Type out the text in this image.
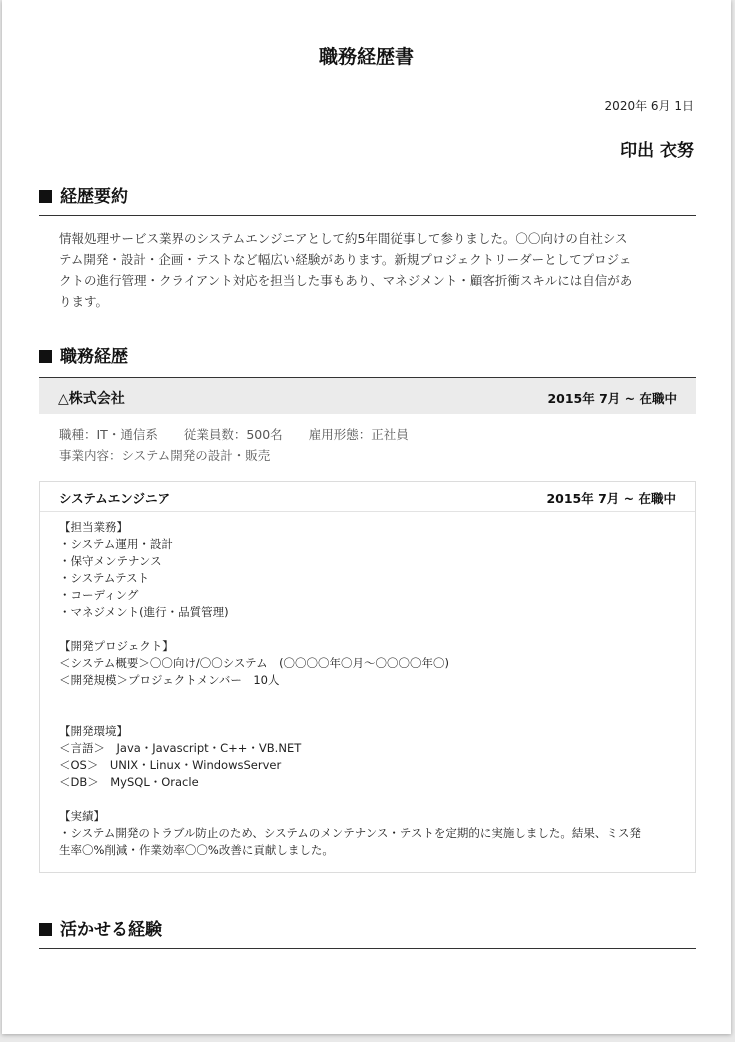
職務経歴書
2020年 6月 1日
印出 衣努
経歴要約
情報処理サービス業界のシステムエンジニアとして約5年間従事して参りました。〇〇向けの自社シス
テム開発・設計・企画・テストなど幅広い経験があります。新規プロジェクトリーダーとしてプロジェ
クトの進行管理・クライアント対応を担当した事もあり、マネジメント・顧客折衝スキルには自信があ
ります。
職務経歴
△株式会社	2015年 7月 ~ 在職中
職種：IT・通信系 従業員数：500名 雇用形態：正社員
事業内容：システム開発の設計・販売
システムエンジニア	2015年 7月 ~ 在職中
【担当業務】
・システム運用・設計
・保守メンテナンス
・システムテスト
・コーディング
・マネジメント(進行・品質管理)
【開発プロジェクト】
＜システム概要＞〇〇向け/〇〇システム　(〇〇〇〇年〇月〜〇〇〇〇年〇)
＜開発規模＞プロジェクトメンバー　10人
【開発環境】
＜言語＞　Java・Javascript・C++・VB.NET
＜OS＞　UNIX・Linux・WindowsServer
＜DB＞　MySQL・Oracle
【実績】
・システム開発のトラブル防止のため、システムのメンテナンス・テストを定期的に実施しました。結果、ミス発
生率〇%削減・作業効率〇〇%改善に貢献しました。
活かせる経験
